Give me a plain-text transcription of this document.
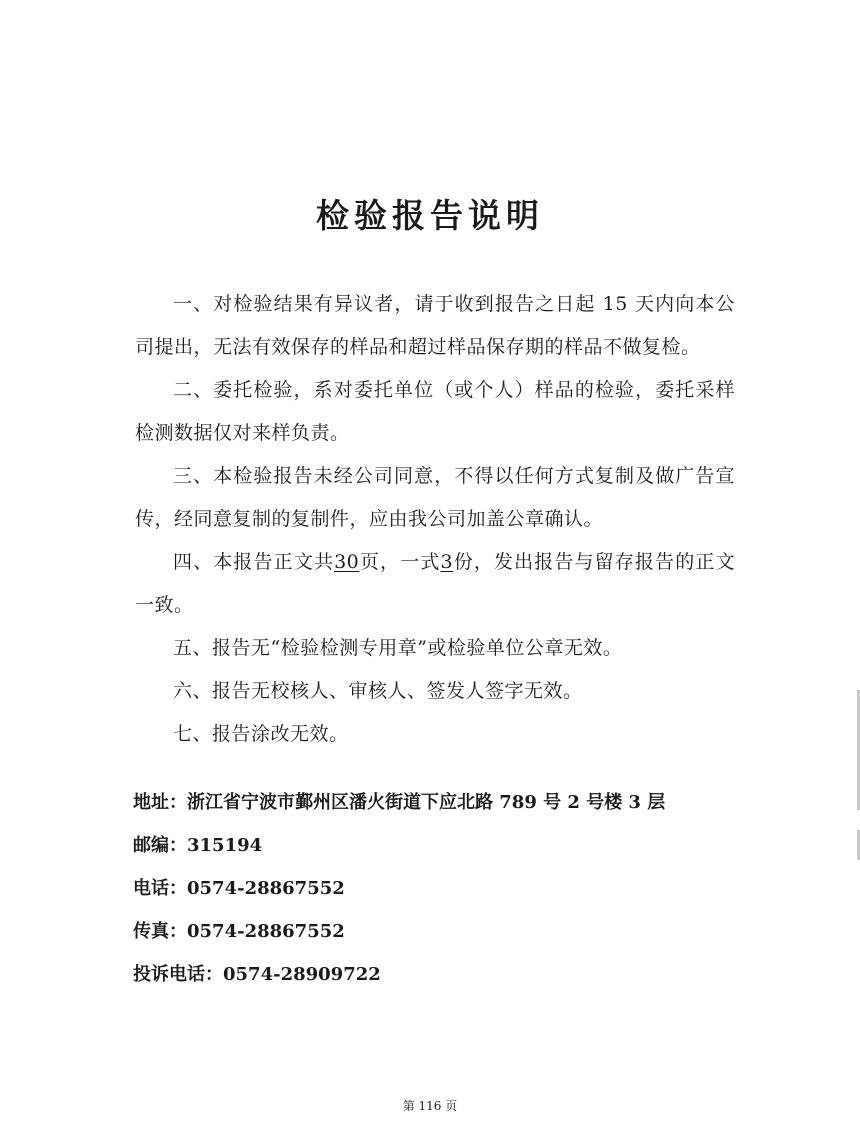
检验报告说明

一、对检验结果有异议者，请于收到报告之日起 15 天内向本公司提出，无法有效保存的样品和超过样品保存期的样品不做复检。

二、委托检验，系对委托单位（或个人）样品的检验，委托采样检测数据仅对来样负责。

三、本检验报告未经公司同意，不得以任何方式复制及做广告宣传，经同意复制的复制件，应由我公司加盖公章确认。

四、本报告正文共30页，一式3份，发出报告与留存报告的正文一致。

五、报告无“检验检测专用章”或检验单位公章无效。

六、报告无校核人、审核人、签发人签字无效。

七、报告涂改无效。

地址：浙江省宁波市鄞州区潘火街道下应北路 789 号 2 号楼 3 层

邮编：315194

电话：0574-28867552

传真：0574-28867552

投诉电话：0574-28909722

第 116 页
